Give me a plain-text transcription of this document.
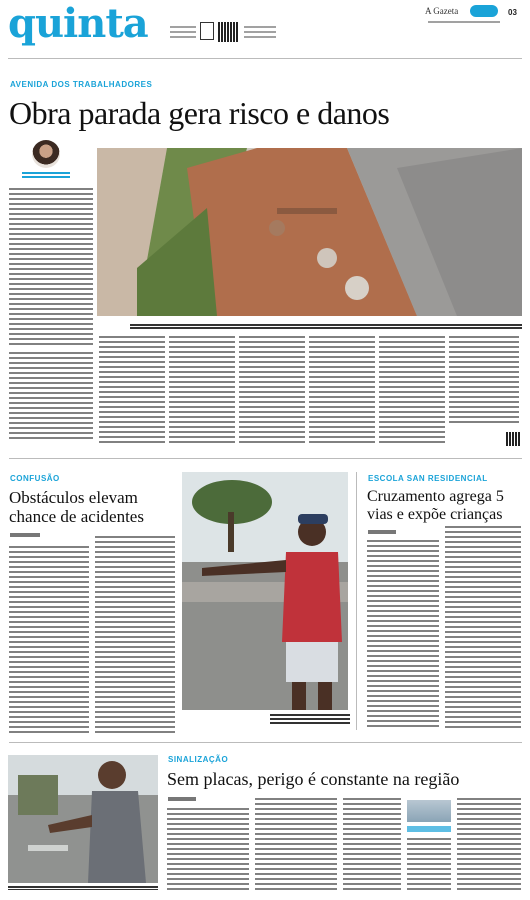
quinta	A Gazeta	03
AVENIDA DOS TRABALHADORES
Obra parada gera risco e danos
CONFUSÃO
Obstáculos elevam chance de acidentes
ESCOLA SAN RESIDENCIAL
Cruzamento agrega 5 vias e expõe crianças
SINALIZAÇÃO
Sem placas, perigo é constante na região
